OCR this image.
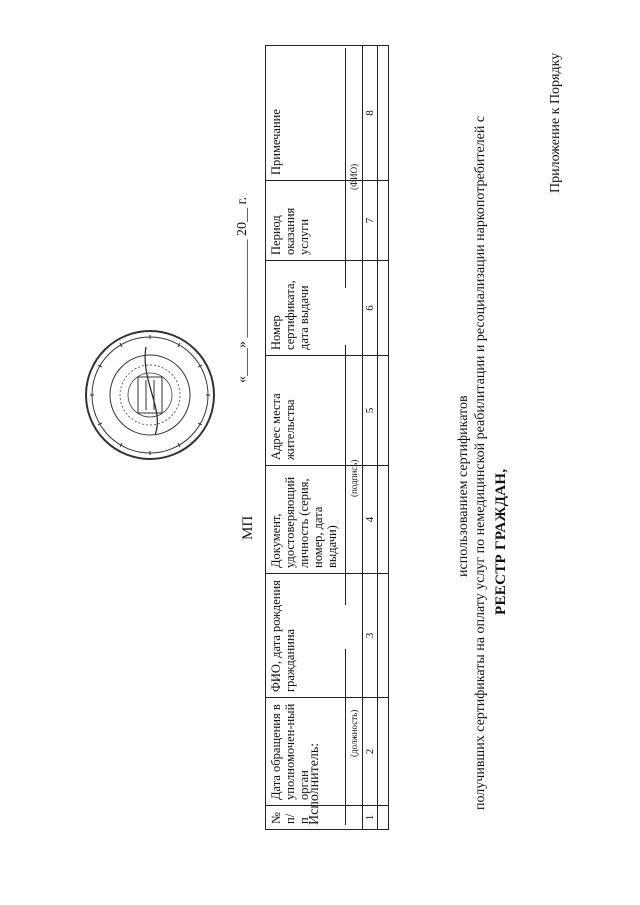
Приложение к Порядку
РЕЕСТР ГРАЖДАН,
получивших сертификаты на оплату услуг по немедицинской реабилитации и ресоциализации наркопотребителей с
использованием сертификатов
№ п/п	Дата обращения в уполномочен-ный орган	ФИО, дата рождения гражданина	Документ, удостоверяющий личность (серия, номер, дата выдачи)	Адрес места жительства	Номер сертификата, дата выдачи	Период оказания услуги	Примечание
1	2	3	4	5	6	7	8

Исполнитель:
(должность)
(подпись)
(ФИО)
МП
«____» ______________ 20__ г.
